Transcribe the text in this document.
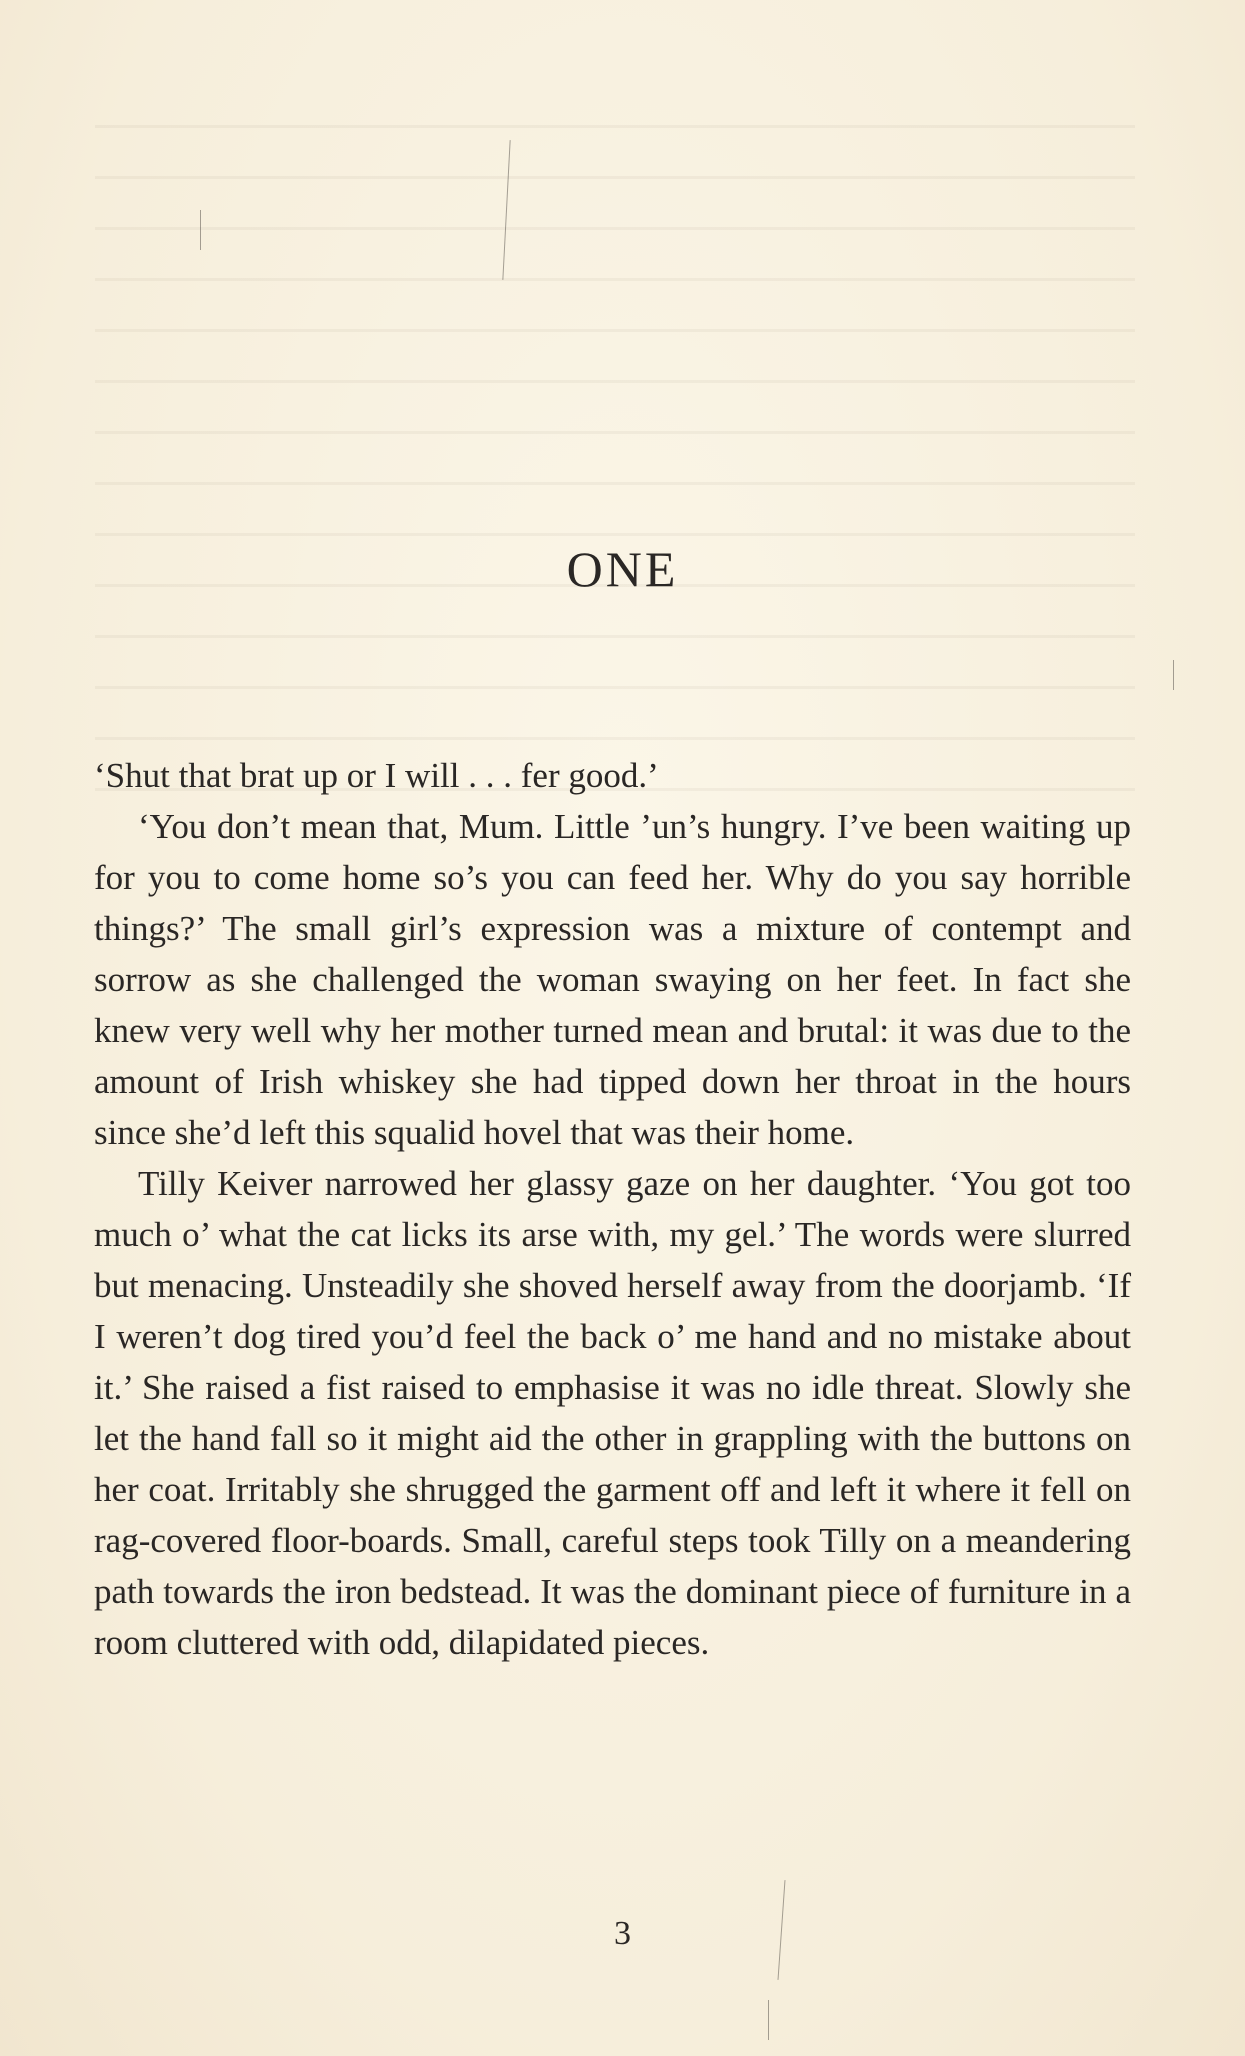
ONE

‘Shut that brat up or I will . . . fer good.’

‘You don’t mean that, Mum. Little ’un’s hungry. I’ve been waiting up for you to come home so’s you can feed her. Why do you say horrible things?’ The small girl’s expression was a mixture of contempt and sorrow as she challenged the woman swaying on her feet. In fact she knew very well why her mother turned mean and brutal: it was due to the amount of Irish whiskey she had tipped down her throat in the hours since she’d left this squalid hovel that was their home.

Tilly Keiver narrowed her glassy gaze on her daughter. ‘You got too much o’ what the cat licks its arse with, my gel.’ The words were slurred but menacing. Unsteadily she shoved herself away from the doorjamb. ‘If I weren’t dog tired you’d feel the back o’ me hand and no mistake about it.’ She raised a fist raised to emphasise it was no idle threat. Slowly she let the hand fall so it might aid the other in grappling with the buttons on her coat. Irritably she shrugged the garment off and left it where it fell on rag-covered floor-boards. Small, careful steps took Tilly on a meandering path towards the iron bedstead. It was the dominant piece of furniture in a room cluttered with odd, dilapidated pieces.

3
